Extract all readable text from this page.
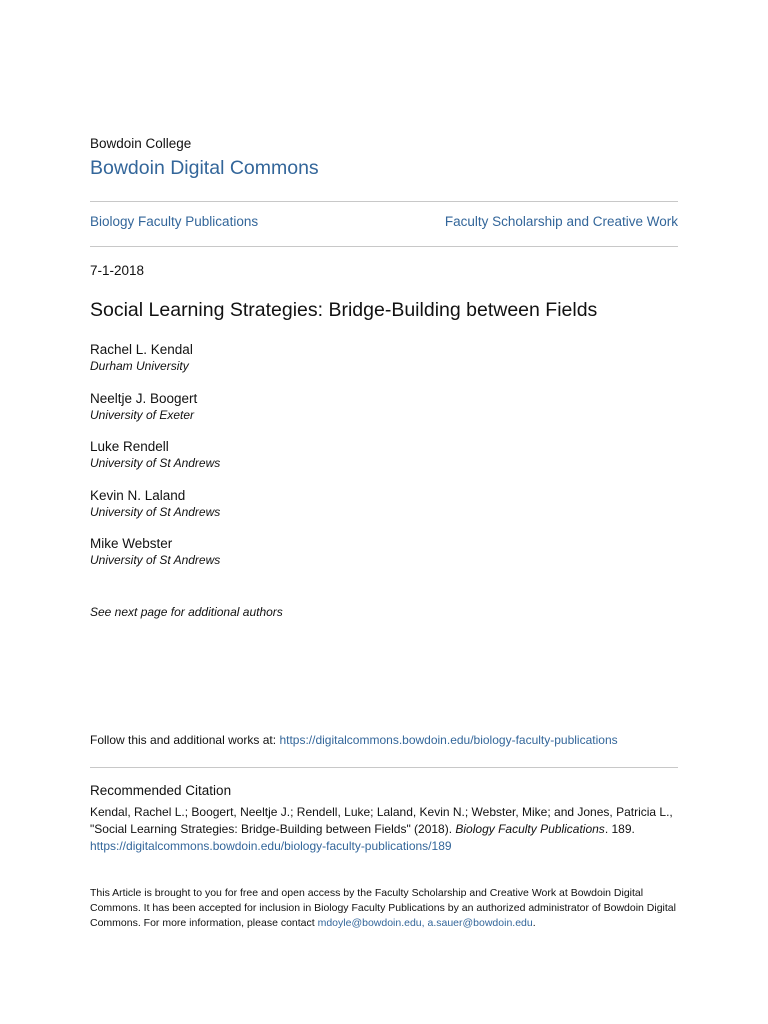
Bowdoin College
Bowdoin Digital Commons
Biology Faculty Publications	Faculty Scholarship and Creative Work
7-1-2018
Social Learning Strategies: Bridge-Building between Fields
Rachel L. Kendal
Durham University
Neeltje J. Boogert
University of Exeter
Luke Rendell
University of St Andrews
Kevin N. Laland
University of St Andrews
Mike Webster
University of St Andrews
See next page for additional authors
Follow this and additional works at: https://digitalcommons.bowdoin.edu/biology-faculty-publications
Recommended Citation
Kendal, Rachel L.; Boogert, Neeltje J.; Rendell, Luke; Laland, Kevin N.; Webster, Mike; and Jones, Patricia L.,
"Social Learning Strategies: Bridge-Building between Fields" (2018). Biology Faculty Publications. 189.
https://digitalcommons.bowdoin.edu/biology-faculty-publications/189
This Article is brought to you for free and open access by the Faculty Scholarship and Creative Work at Bowdoin Digital Commons. It has been accepted for inclusion in Biology Faculty Publications by an authorized administrator of Bowdoin Digital Commons. For more information, please contact mdoyle@bowdoin.edu, a.sauer@bowdoin.edu.
